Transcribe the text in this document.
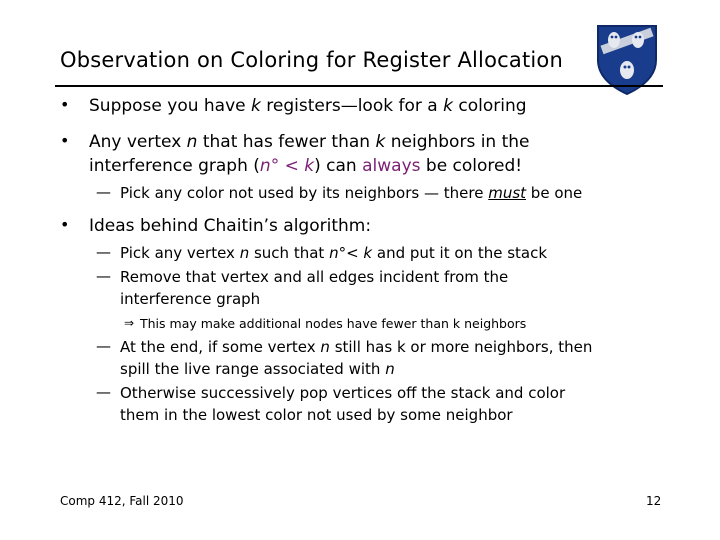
Observation on Coloring for Register Allocation
• Suppose you have k registers—look for a k coloring
• Any vertex n that has fewer than k neighbors in the
interference graph (n° < k) can always be colored!
— Pick any color not used by its neighbors — there must be one
• Ideas behind Chaitin’s algorithm:
— Pick any vertex n such that n°< k and put it on the stack
— Remove that vertex and all edges incident from the
interference graph
⇒ This may make additional nodes have fewer than k neighbors
— At the end, if some vertex n still has k or more neighbors, then
spill the live range associated with n
— Otherwise successively pop vertices off the stack and color
them in the lowest color not used by some neighbor
Comp 412, Fall 2010	12
